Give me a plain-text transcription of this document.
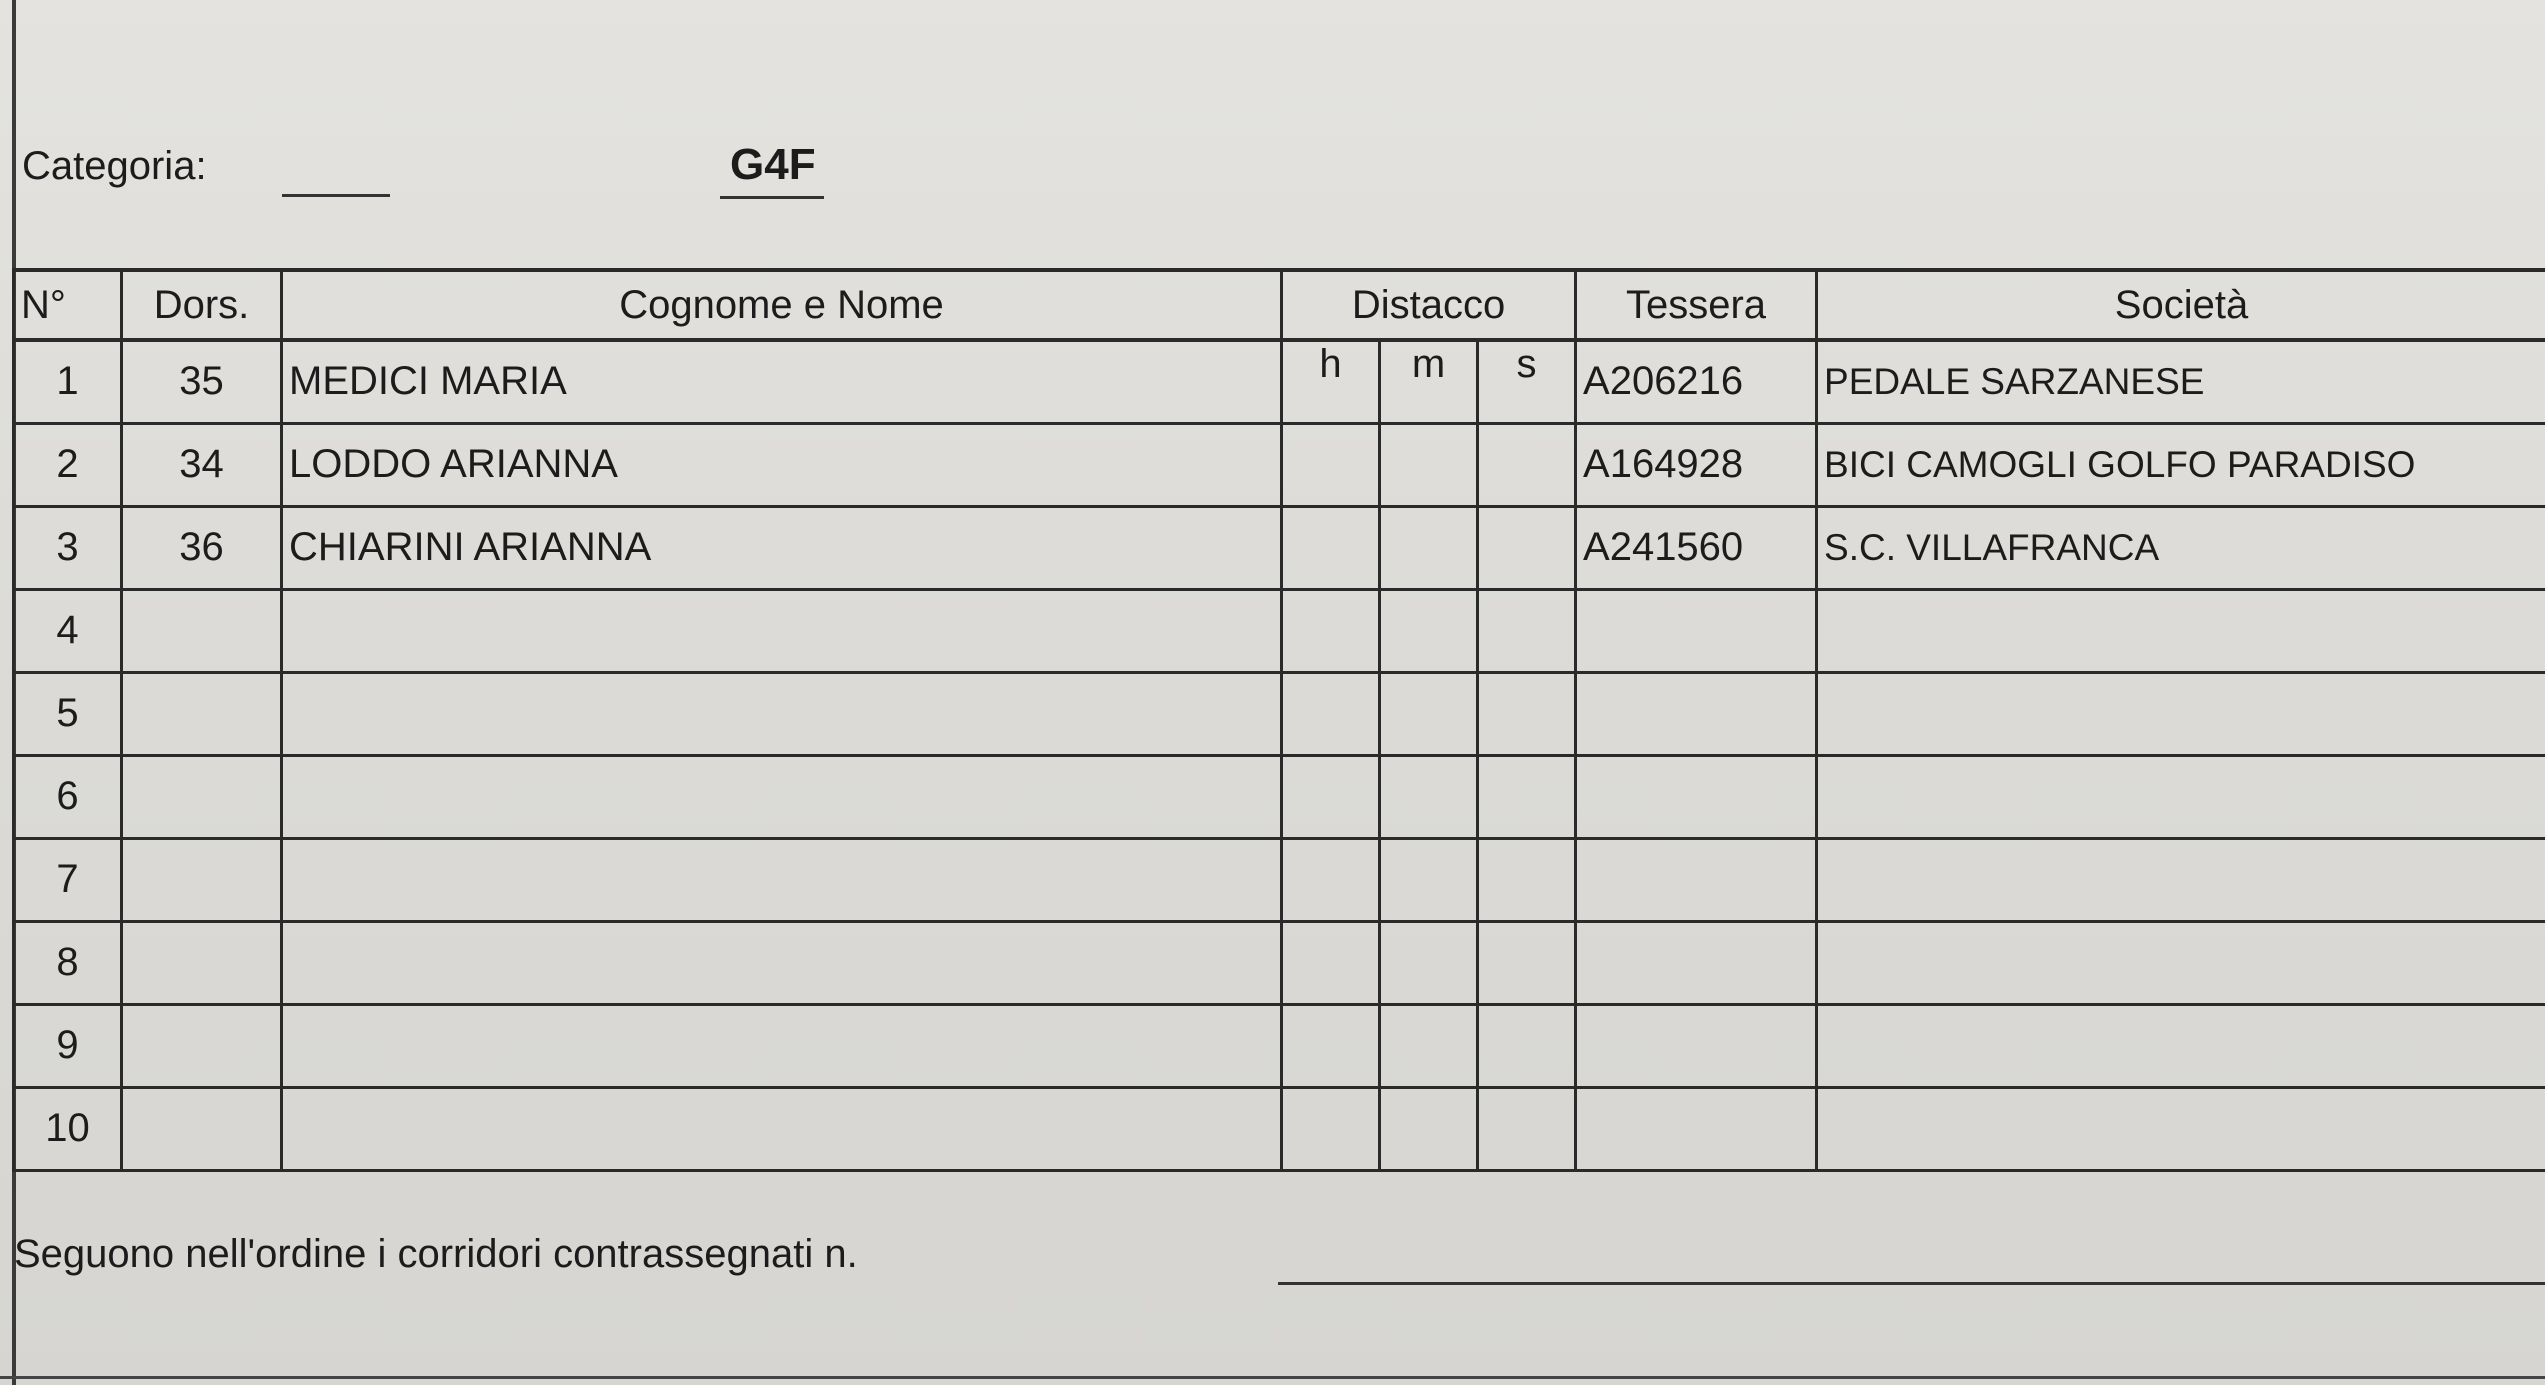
Categoria:	G4F
N°	Dors.	Cognome e Nome	Distacco			Tessera	Società
1	35	MEDICI MARIA	h	m	s	A206216	PEDALE SARZANESE
2	34	LODDO ARIANNA				A164928	BICI CAMOGLI GOLFO PARADISO
3	36	CHIARINI ARIANNA				A241560	S.C. VILLAFRANCA
4							
5							
6							
7							
8							
9							
10							
Seguono nell'ordine i corridori contrassegnati n.
